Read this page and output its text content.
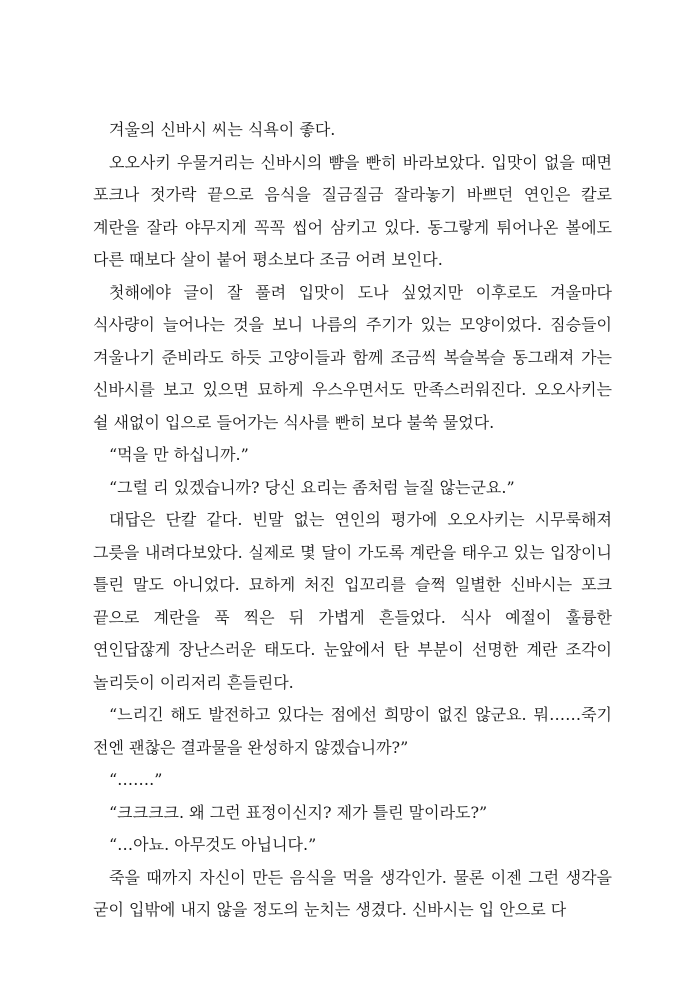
겨울의 신바시 씨는 식욕이 좋다.

오오사키 우물거리는 신바시의 뺨을 빤히 바라보았다. 입맛이 없을 때면 포크나 젓가락 끝으로 음식을 질금질금 잘라놓기 바쁘던 연인은 칼로 계란을 잘라 야무지게 꼭꼭 씹어 삼키고 있다. 동그랗게 튀어나온 볼에도 다른 때보다 살이 붙어 평소보다 조금 어려 보인다.

첫해에야 글이 잘 풀려 입맛이 도나 싶었지만 이후로도 겨울마다 식사량이 늘어나는 것을 보니 나름의 주기가 있는 모양이었다. 짐승들이 겨울나기 준비라도 하듯 고양이들과 함께 조금씩 복슬복슬 동그래져 가는 신바시를 보고 있으면 묘하게 우스우면서도 만족스러워진다. 오오사키는 쉴 새없이 입으로 들어가는 식사를 빤히 보다 불쑥 물었다.

“먹을 만 하십니까.”

“그럴 리 있겠습니까? 당신 요리는 좀처럼 늘질 않는군요.”

대답은 단칼 같다. 빈말 없는 연인의 평가에 오오사키는 시무룩해져 그릇을 내려다보았다. 실제로 몇 달이 가도록 계란을 태우고 있는 입장이니 틀린 말도 아니었다. 묘하게 처진 입꼬리를 슬쩍 일별한 신바시는 포크 끝으로 계란을 푹 찍은 뒤 가볍게 흔들었다. 식사 예절이 훌륭한 연인답잖게 장난스러운 태도다. 눈앞에서 탄 부분이 선명한 계란 조각이 놀리듯이 이리저리 흔들린다.

“느리긴 해도 발전하고 있다는 점에선 희망이 없진 않군요. 뭐……죽기 전엔 괜찮은 결과물을 완성하지 않겠습니까?”

“…….”

“크크크크. 왜 그런 표정이신지? 제가 틀린 말이라도?”

“…아뇨. 아무것도 아닙니다.”

죽을 때까지 자신이 만든 음식을 먹을 생각인가. 물론 이젠 그런 생각을 굳이 입밖에 내지 않을 정도의 눈치는 생겼다. 신바시는 입 안으로 다
